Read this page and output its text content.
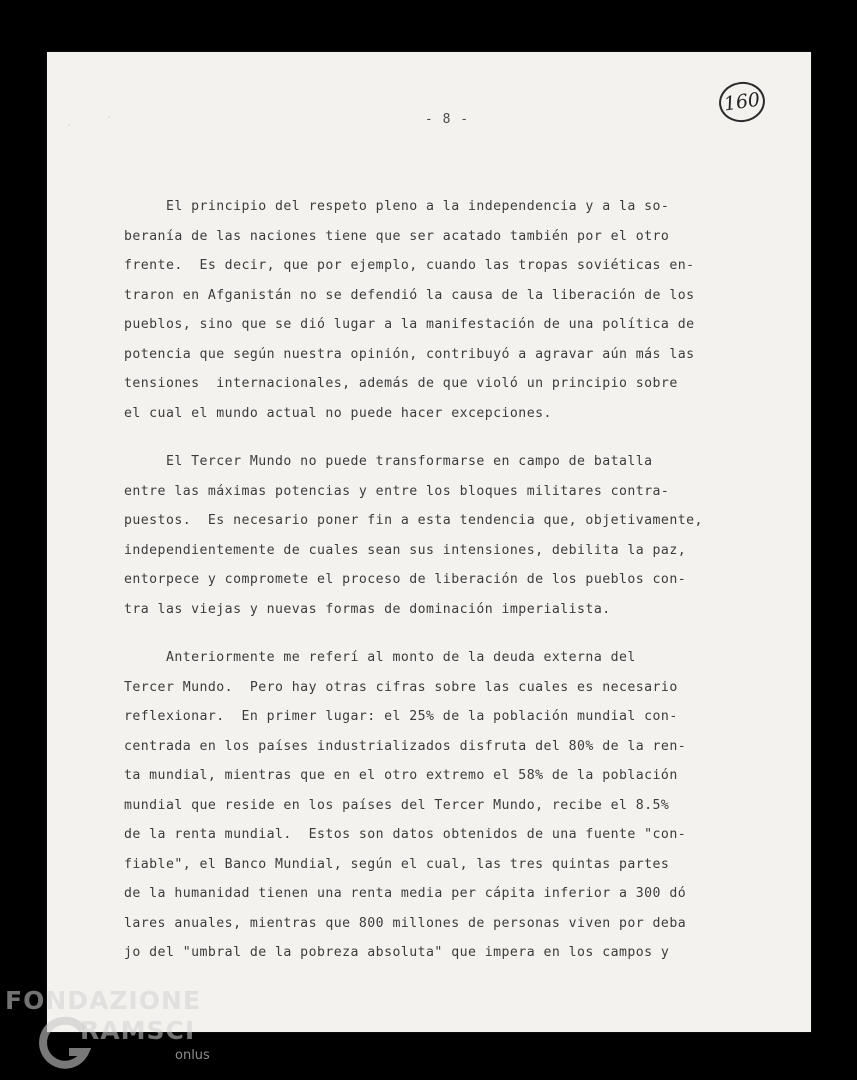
160
- 8 -
El principio del respeto pleno a la independencia y a la so-
beranía de las naciones tiene que ser acatado también por el otro
frente.  Es decir, que por ejemplo, cuando las tropas soviéticas en-
traron en Afganistán no se defendió la causa de la liberación de los
pueblos, sino que se dió lugar a la manifestación de una política de
potencia que según nuestra opinión, contribuyó a agravar aún más las
tensiones  internacionales, además de que violó un principio sobre
el cual el mundo actual no puede hacer excepciones.
El Tercer Mundo no puede transformarse en campo de batalla
entre las máximas potencias y entre los bloques militares contra-
puestos.  Es necesario poner fin a esta tendencia que, objetivamente,
independientemente de cuales sean sus intensiones, debilita la paz,
entorpece y compromete el proceso de liberación de los pueblos con-
tra las viejas y nuevas formas de dominación imperialista.
Anteriormente me referí al monto de la deuda externa del
Tercer Mundo.  Pero hay otras cifras sobre las cuales es necesario
reflexionar.  En primer lugar: el 25% de la población mundial con-
centrada en los países industrializados disfruta del 80% de la ren-
ta mundial, mientras que en el otro extremo el 58% de la población
mundial que reside en los países del Tercer Mundo, recibe el 8.5%
de la renta mundial.  Estos son datos obtenidos de una fuente "con-
fiable", el Banco Mundial, según el cual, las tres quintas partes
de la humanidad tienen una renta media per cápita inferior a 300 dó
lares anuales, mientras que 800 millones de personas viven por deba
jo del "umbral de la pobreza absoluta" que impera en los campos y
FONDAZIONE
RAMSCI
onlus
